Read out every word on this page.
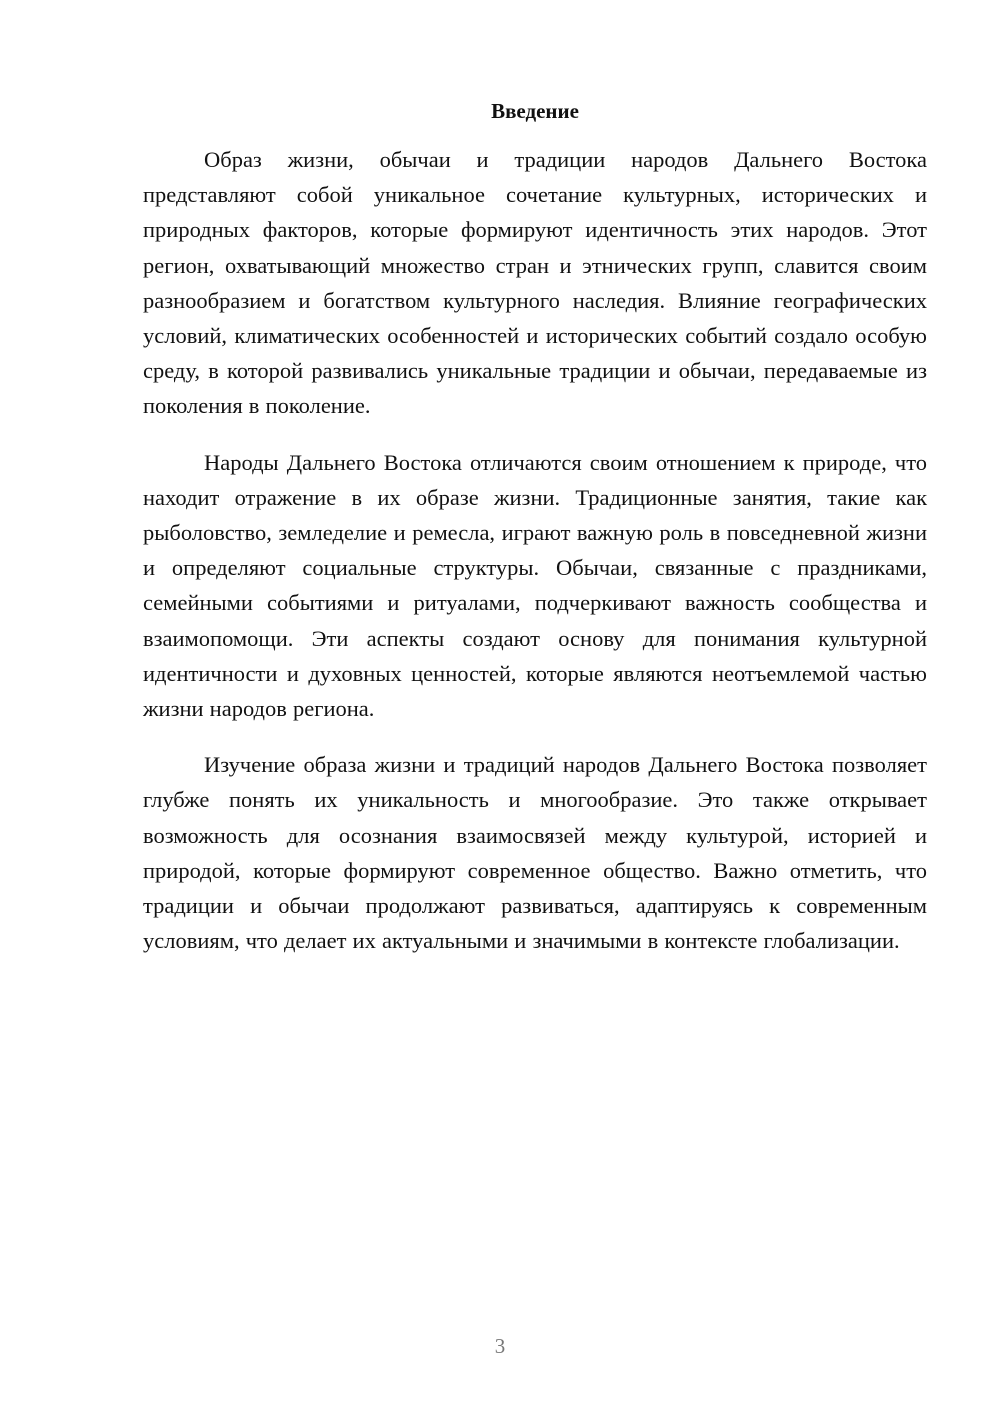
Введение

Образ жизни, обычаи и традиции народов Дальнего Востока представляют собой уникальное сочетание культурных, исторических и природных факторов, которые формируют идентичность этих народов. Этот регион, охватывающий множество стран и этнических групп, славится своим разнообразием и богатством культурного наследия. Влияние географических условий, климатических особенностей и исторических событий создало особую среду, в которой развивались уникальные традиции и обычаи, передаваемые из поколения в поколение.

Народы Дальнего Востока отличаются своим отношением к природе, что находит отражение в их образе жизни. Традиционные занятия, такие как рыболовство, земледелие и ремесла, играют важную роль в повседневной жизни и определяют социальные структуры. Обычаи, связанные с праздниками, семейными событиями и ритуалами, подчеркивают важность сообщества и взаимопомощи. Эти аспекты создают основу для понимания культурной идентичности и духовных ценностей, которые являются неотъемлемой частью жизни народов региона.

Изучение образа жизни и традиций народов Дальнего Востока позволяет глубже понять их уникальность и многообразие. Это также открывает возможность для осознания взаимосвязей между культурой, историей и природой, которые формируют современное общество. Важно отметить, что традиции и обычаи продолжают развиваться, адаптируясь к современным условиям, что делает их актуальными и значимыми в контексте глобализации.

3
